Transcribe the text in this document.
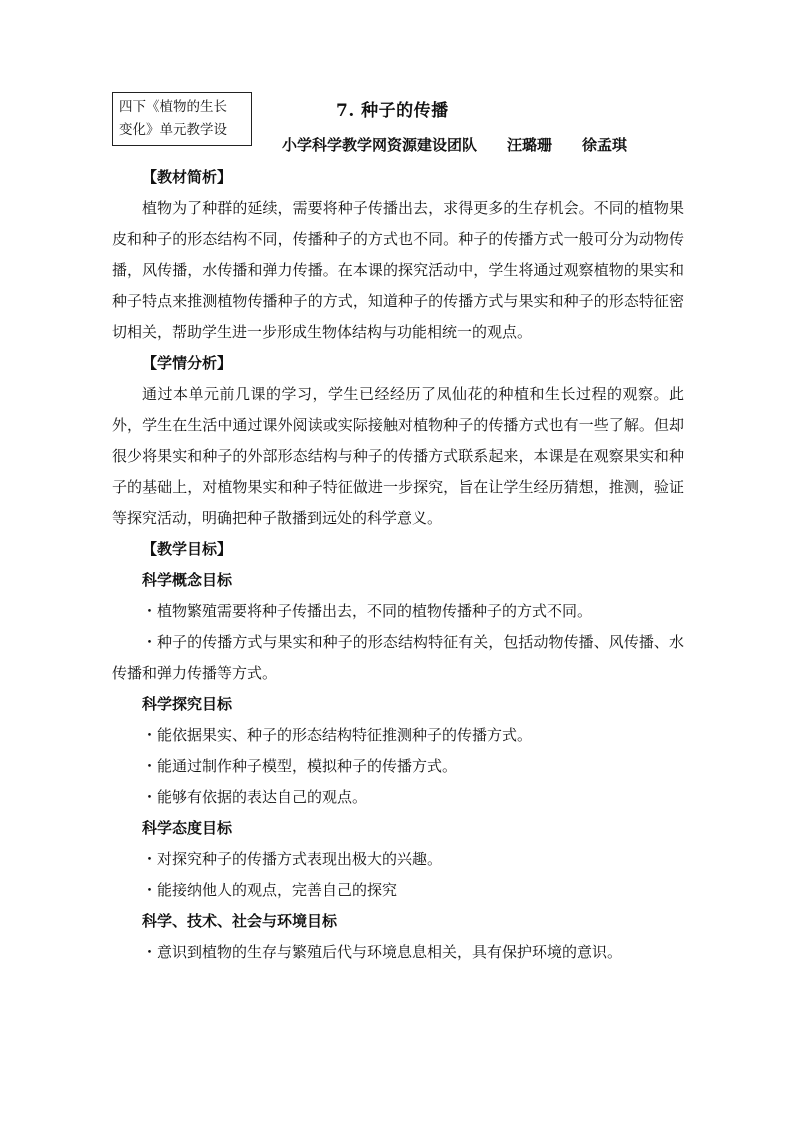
四下《植物的生长
变化》单元教学设
7. 种子的传播
小学科学教学网资源建设团队　　汪璐珊　　徐孟琪
【教材简析】
植物为了种群的延续，需要将种子传播出去，求得更多的生存机会。不同的植物果皮和种子的形态结构不同，传播种子的方式也不同。种子的传播方式一般可分为动物传播，风传播，水传播和弹力传播。在本课的探究活动中，学生将通过观察植物的果实和种子特点来推测植物传播种子的方式，知道种子的传播方式与果实和种子的形态特征密切相关，帮助学生进一步形成生物体结构与功能相统一的观点。
【学情分析】
通过本单元前几课的学习，学生已经经历了凤仙花的种植和生长过程的观察。此外，学生在生活中通过课外阅读或实际接触对植物种子的传播方式也有一些了解。但却很少将果实和种子的外部形态结构与种子的传播方式联系起来，本课是在观察果实和种子的基础上，对植物果实和种子特征做进一步探究，旨在让学生经历猜想，推测，验证等探究活动，明确把种子散播到远处的科学意义。
【教学目标】
科学概念目标
・植物繁殖需要将种子传播出去，不同的植物传播种子的方式不同。
・种子的传播方式与果实和种子的形态结构特征有关，包括动物传播、风传播、水传播和弹力传播等方式。
科学探究目标
・能依据果实、种子的形态结构特征推测种子的传播方式。
・能通过制作种子模型，模拟种子的传播方式。
・能够有依据的表达自己的观点。
科学态度目标
・对探究种子的传播方式表现出极大的兴趣。
・能接纳他人的观点，完善自己的探究
科学、技术、社会与环境目标
・意识到植物的生存与繁殖后代与环境息息相关，具有保护环境的意识。
